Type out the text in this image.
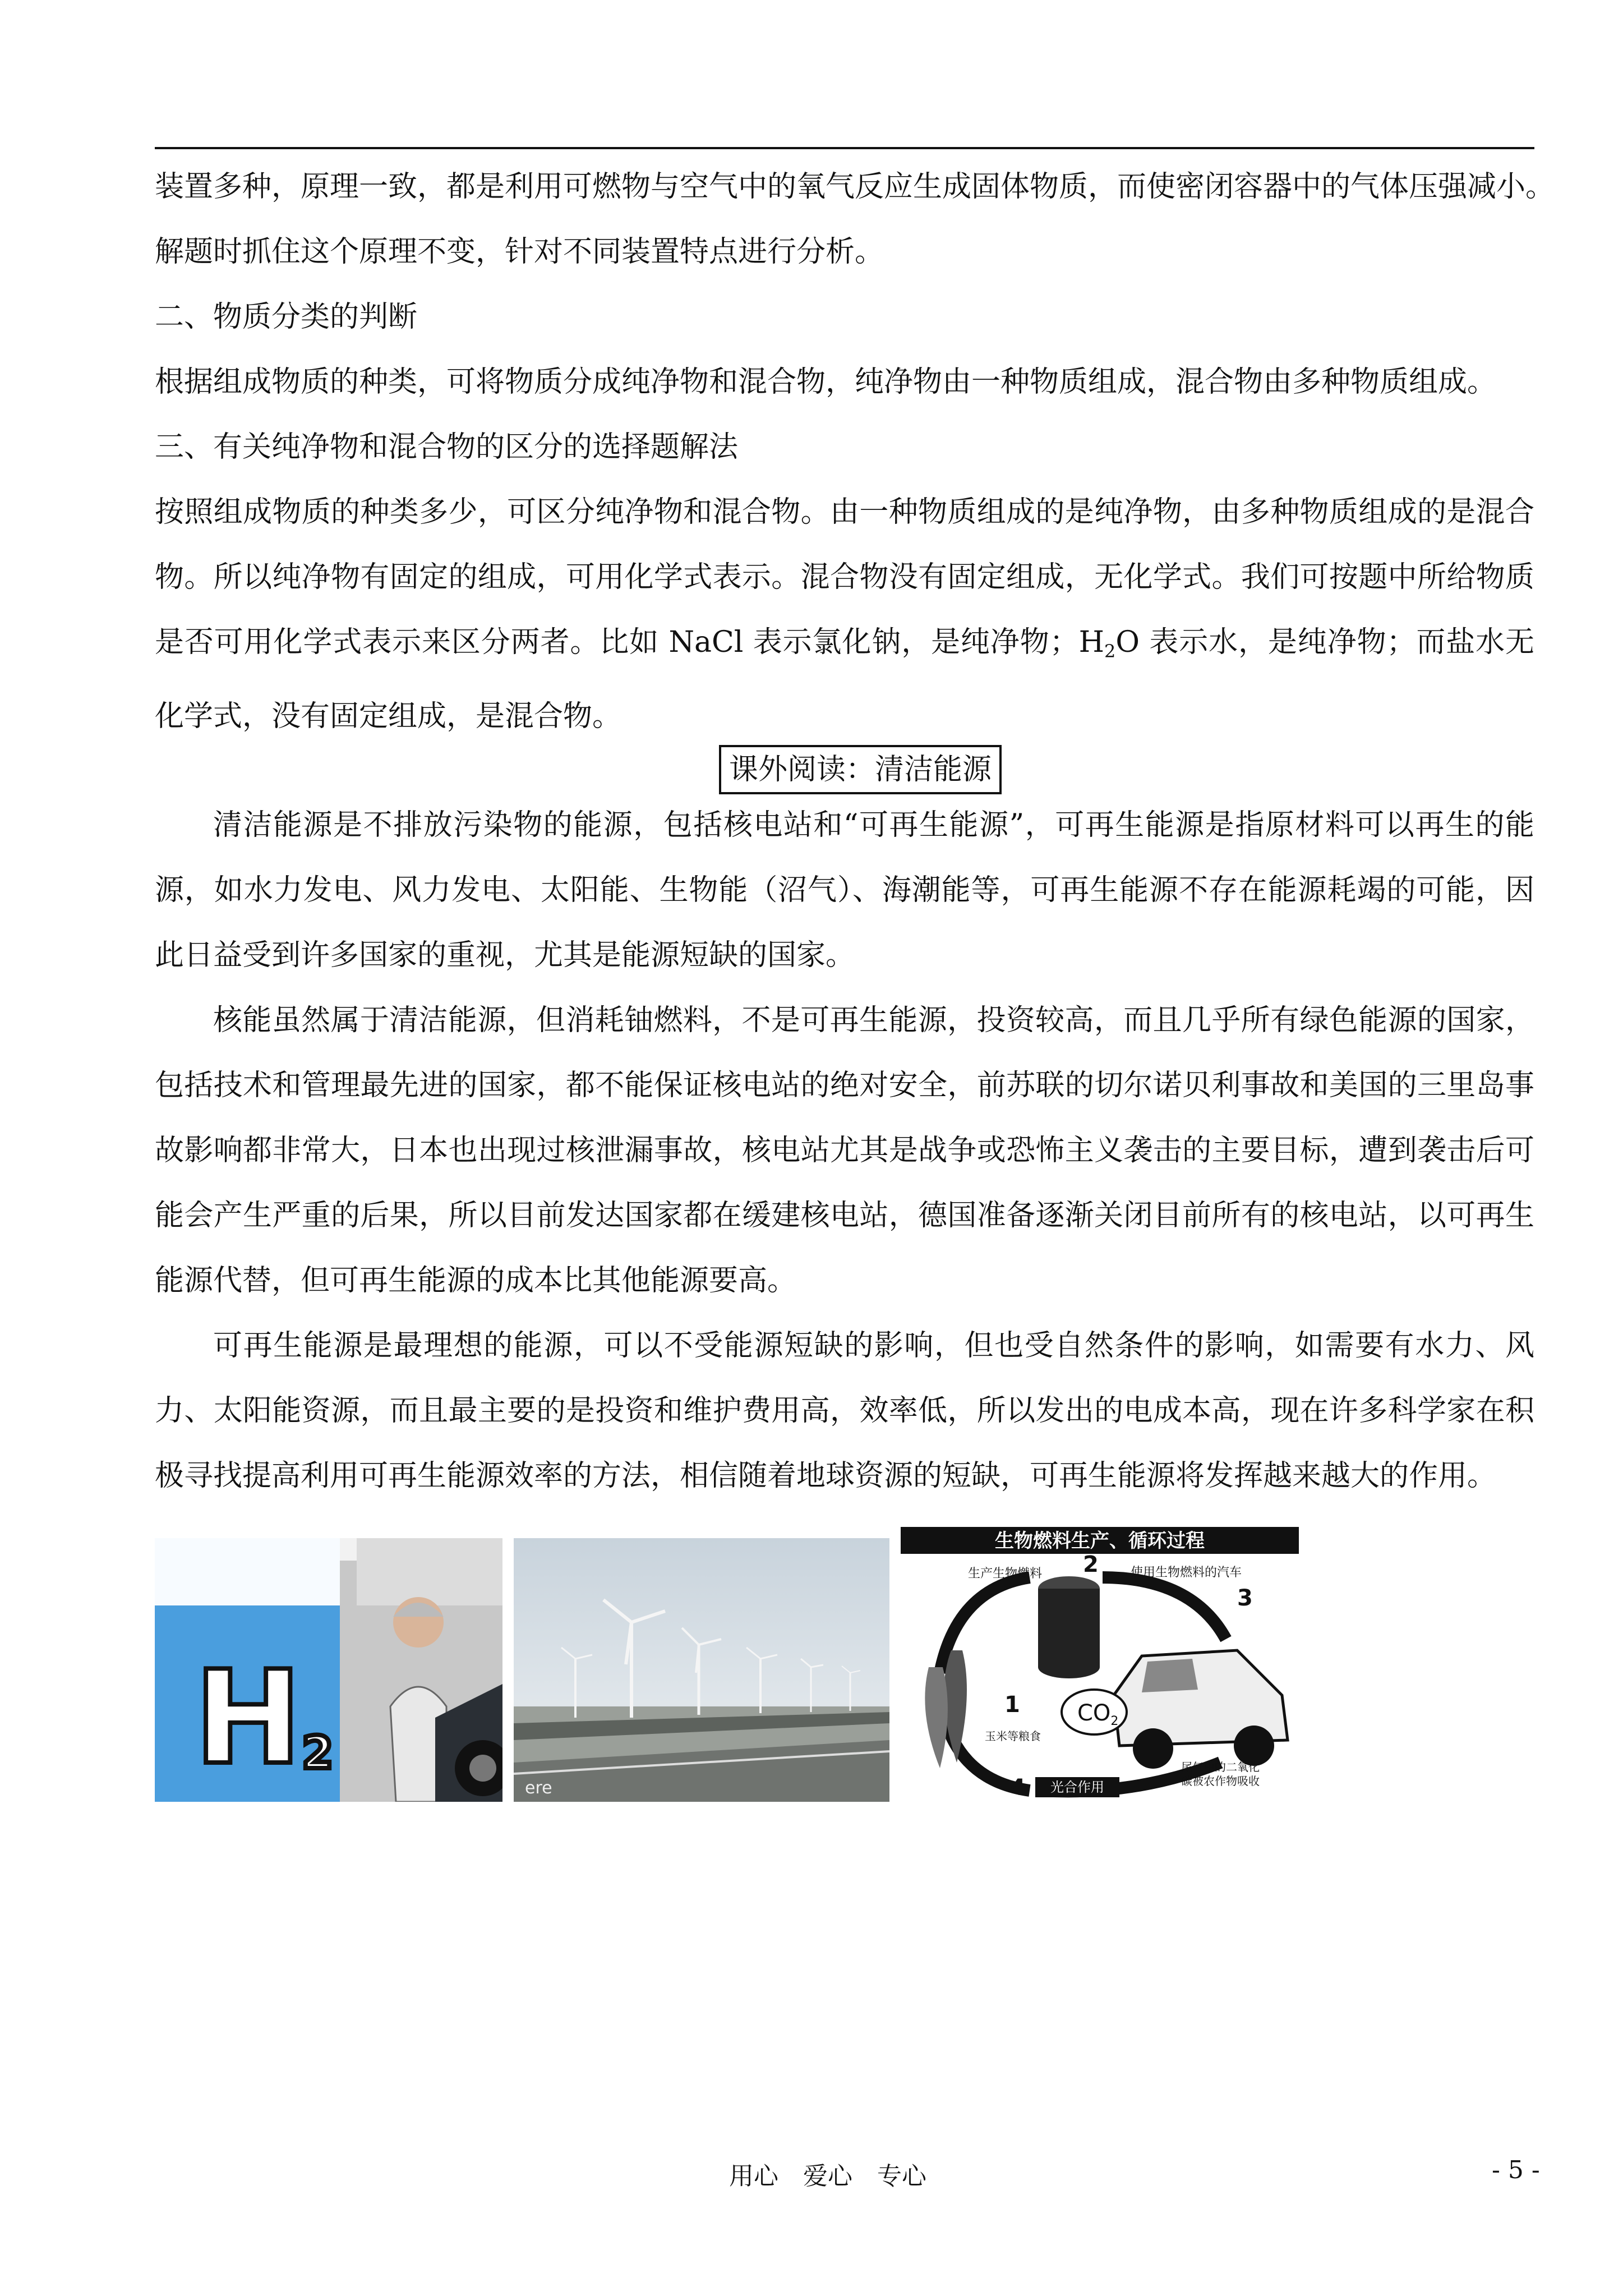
装置多种，原理一致，都是利用可燃物与空气中的氧气反应生成固体物质，而使密闭容器中的气体压强减小。

解题时抓住这个原理不变，针对不同装置特点进行分析。

二、物质分类的判断

根据组成物质的种类，可将物质分成纯净物和混合物，纯净物由一种物质组成，混合物由多种物质组成。

三、有关纯净物和混合物的区分的选择题解法

按照组成物质的种类多少，可区分纯净物和混合物。由一种物质组成的是纯净物，由多种物质组成的是混合物。所以纯净物有固定的组成，可用化学式表示。混合物没有固定组成，无化学式。我们可按题中所给物质是否可用化学式表示来区分两者。比如 NaCl 表示氯化钠，是纯净物；$H_2O$ 表示水，是纯净物；而盐水无化学式，没有固定组成，是混合物。

课外阅读：清洁能源

清洁能源是不排放污染物的能源，包括核电站和“可再生能源”，可再生能源是指原材料可以再生的能源，如水力发电、风力发电、太阳能、生物能（沼气）、海潮能等，可再生能源不存在能源耗竭的可能，因此日益受到许多国家的重视，尤其是能源短缺的国家。

核能虽然属于清洁能源，但消耗铀燃料，不是可再生能源，投资较高，而且几乎所有绿色能源的国家，包括技术和管理最先进的国家，都不能保证核电站的绝对安全，前苏联的切尔诺贝利事故和美国的三里岛事故影响都非常大，日本也出现过核泄漏事故，核电站尤其是战争或恐怖主义袭击的主要目标，遭到袭击后可能会产生严重的后果，所以目前发达国家都在缓建核电站，德国准备逐渐关闭目前所有的核电站，以可再生能源代替，但可再生能源的成本比其他能源要高。

可再生能源是最理想的能源，可以不受能源短缺的影响，但也受自然条件的影响，如需要有水力、风力、太阳能资源，而且最主要的是投资和维护费用高，效率低，所以发出的电成本高，现在许多科学家在积极寻找提高利用可再生能源效率的方法，相信随着地球资源的短缺，可再生能源将发挥越来越大的作用。

H2
ere
生物燃料生产、循环过程
$CO_2$
生产生物燃料	使用生物燃料的汽车
玉米等粮食
尾气中的二氧化
碳被农作物吸收
光合作用
1
2
3
4
用心　爱心　专心	- 5 -
